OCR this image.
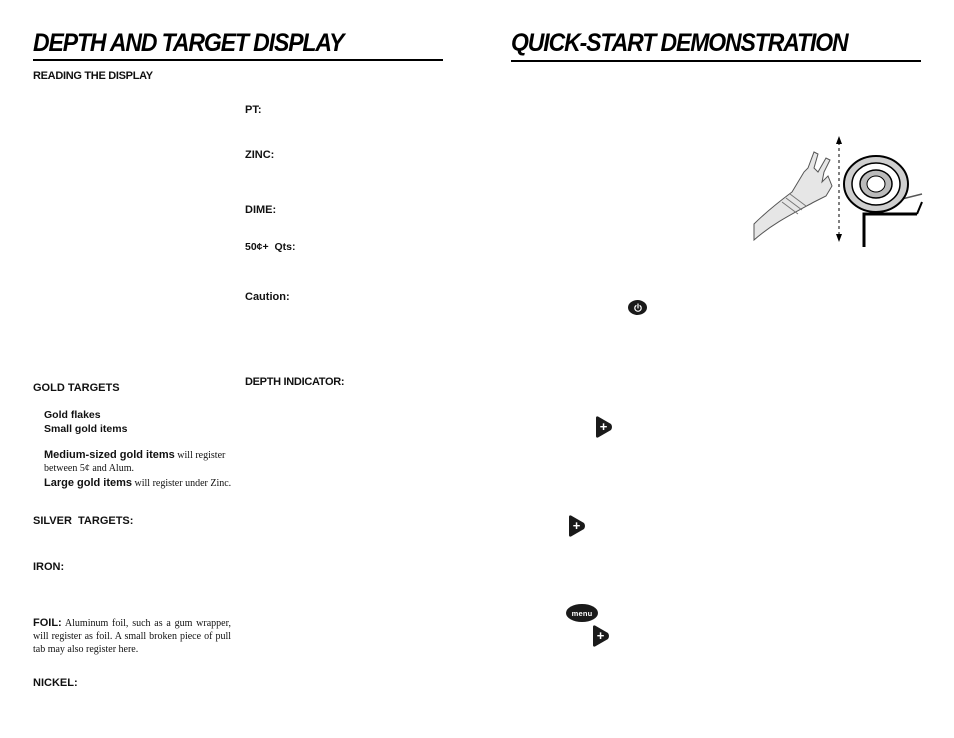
DEPTH AND TARGET DISPLAY
READING THE DISPLAY
PT:
ZINC:
DIME:
50¢+  Qts:
Caution:
DEPTH INDICATOR:
GOLD TARGETS
Gold flakes
Small gold items
Medium-sized gold items will register between 5¢ and Alum.
Large gold items will register under Zinc.
SILVER  TARGETS:
IRON:
FOIL: Aluminum foil, such as a gum wrapper, will register as foil. A small broken piece of pull tab may also register here.
NICKEL:
QUICK-START DEMONSTRATION
+
+
menu
+
